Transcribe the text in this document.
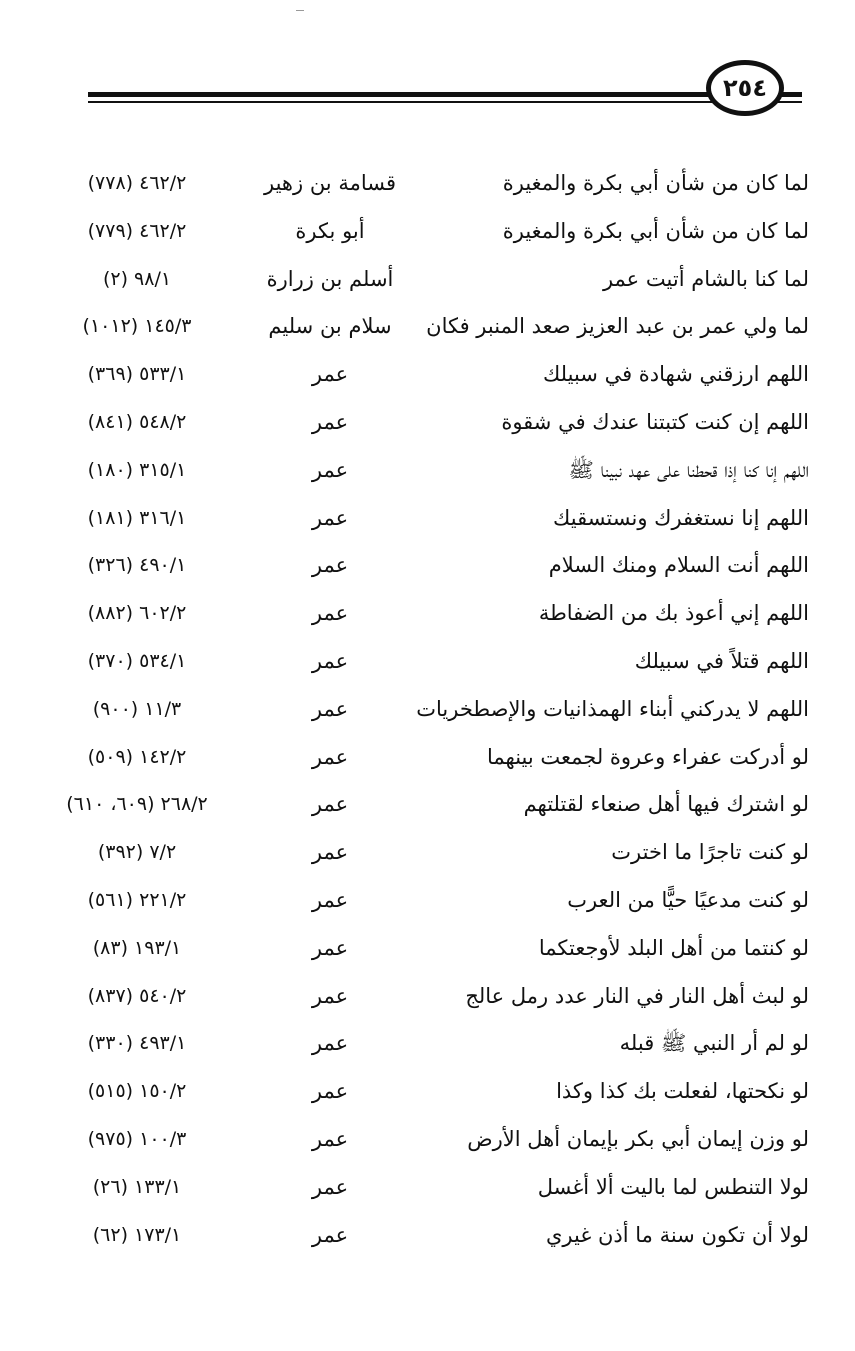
٢٥٤
لما كان من شأن أبي بكرة والمغيرة
قسامة بن زهير
٤٦٢/٢ (٧٧٨)
لما كان من شأن أبي بكرة والمغيرة
أبو بكرة
٤٦٢/٢ (٧٧٩)
لما كنا بالشام أتيت عمر
أسلم بن زرارة
٩٨/١ (٢)
لما ولي عمر بن عبد العزيز صعد المنبر فكان
سلام بن سليم
١٤٥/٣ (١٠١٢)
اللهم ارزقني شهادة في سبيلك
عمر
٥٣٣/١ (٣٦٩)
اللهم إن كنت كتبتنا عندك في شقوة
عمر
٥٤٨/٢ (٨٤١)
اللهم إنا كنا إذا قحطنا على عهد نبينا ﷺ
عمر
٣١٥/١ (١٨٠)
اللهم إنا نستغفرك ونستسقيك
عمر
٣١٦/١ (١٨١)
اللهم أنت السلام ومنك السلام
عمر
٤٩٠/١ (٣٢٦)
اللهم إني أعوذ بك من الضفاطة
عمر
٦٠٢/٢ (٨٨٢)
اللهم قتلاً في سبيلك
عمر
٥٣٤/١ (٣٧٠)
اللهم لا يدركني أبناء الهمذانيات والإصطخريات
عمر
١١/٣ (٩٠٠)
لو أدركت عفراء وعروة لجمعت بينهما
عمر
١٤٢/٢ (٥٠٩)
لو اشترك فيها أهل صنعاء لقتلتهم
عمر
٢٦٨/٢ (٦٠٩، ٦١٠)
لو كنت تاجرًا ما اخترت
عمر
٧/٢ (٣٩٢)
لو كنت مدعيًا حيًّا من العرب
عمر
٢٢١/٢ (٥٦١)
لو كنتما من أهل البلد لأوجعتكما
عمر
١٩٣/١ (٨٣)
لو لبث أهل النار في النار عدد رمل عالج
عمر
٥٤٠/٢ (٨٣٧)
لو لم أر النبي ﷺ قبله
عمر
٤٩٣/١ (٣٣٠)
لو نكحتها، لفعلت بك كذا وكذا
عمر
١٥٠/٢ (٥١٥)
لو وزن إيمان أبي بكر بإيمان أهل الأرض
عمر
١٠٠/٣ (٩٧٥)
لولا التنطس لما باليت ألا أغسل
عمر
١٣٣/١ (٢٦)
لولا أن تكون سنة ما أذن غيري
عمر
١٧٣/١ (٦٢)
